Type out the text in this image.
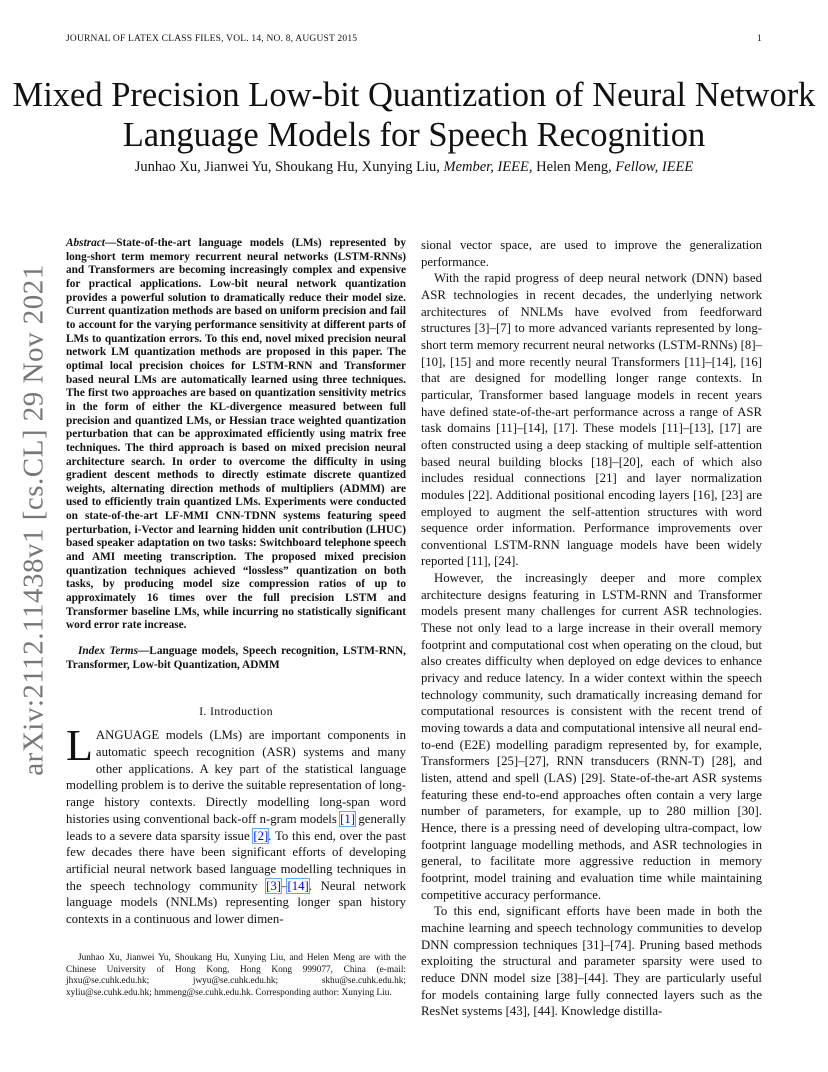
JOURNAL OF LATEX CLASS FILES, VOL. 14, NO. 8, AUGUST 2015	1
arXiv:2112.11438v1 [cs.CL] 29 Nov 2021
Mixed Precision Low-bit Quantization of Neural Network Language Models for Speech Recognition
Junhao Xu, Jianwei Yu, Shoukang Hu, Xunying Liu, Member, IEEE, Helen Meng, Fellow, IEEE

Abstract—State-of-the-art language models (LMs) represented by long-short term memory recurrent neural networks (LSTM-RNNs) and Transformers are becoming increasingly complex and expensive for practical applications. Low-bit neural network quantization provides a powerful solution to dramatically reduce their model size. Current quantization methods are based on uniform precision and fail to account for the varying performance sensitivity at different parts of LMs to quantization errors. To this end, novel mixed precision neural network LM quantization methods are proposed in this paper. The optimal local precision choices for LSTM-RNN and Transformer based neural LMs are automatically learned using three techniques. The first two approaches are based on quantization sensitivity metrics in the form of either the KL-divergence measured between full precision and quantized LMs, or Hessian trace weighted quantization perturbation that can be approximated efficiently using matrix free techniques. The third approach is based on mixed precision neural architecture search. In order to overcome the difficulty in using gradient descent methods to directly estimate discrete quantized weights, alternating direction methods of multipliers (ADMM) are used to efficiently train quantized LMs. Experiments were conducted on state-of-the-art LF-MMI CNN-TDNN systems featuring speed perturbation, i-Vector and learning hidden unit contribution (LHUC) based speaker adaptation on two tasks: Switchboard telephone speech and AMI meeting transcription. The proposed mixed precision quantization techniques achieved “lossless” quantization on both tasks, by producing model size compression ratios of up to approximately 16 times over the full precision LSTM and Transformer baseline LMs, while incurring no statistically significant word error rate increase.

Index Terms—Language models, Speech recognition, LSTM-RNN, Transformer, Low-bit Quantization, ADMM

I. Introduction

LANGUAGE models (LMs) are important components in automatic speech recognition (ASR) systems and many other applications. A key part of the statistical language modelling problem is to derive the suitable representation of long-range history contexts. Directly modelling long-span word histories using conventional back-off n-gram models [1] generally leads to a severe data sparsity issue [2]. To this end, over the past few decades there have been significant efforts of developing artificial neural network based language modelling techniques in the speech technology community [3]–[14]. Neural network language models (NNLMs) representing longer span history contexts in a continuous and lower dimen-

sional vector space, are used to improve the generalization performance.

With the rapid progress of deep neural network (DNN) based ASR technologies in recent decades, the underlying network architectures of NNLMs have evolved from feedforward structures [3]–[7] to more advanced variants represented by long-short term memory recurrent neural networks (LSTM-RNNs) [8]–[10], [15] and more recently neural Transformers [11]–[14], [16] that are designed for modelling longer range contexts. In particular, Transformer based language models in recent years have defined state-of-the-art performance across a range of ASR task domains [11]–[14], [17]. These models [11]–[13], [17] are often constructed using a deep stacking of multiple self-attention based neural building blocks [18]–[20], each of which also includes residual connections [21] and layer normalization modules [22]. Additional positional encoding layers [16], [23] are employed to augment the self-attention structures with word sequence order information. Performance improvements over conventional LSTM-RNN language models have been widely reported [11], [24].

However, the increasingly deeper and more complex architecture designs featuring in LSTM-RNN and Transformer models present many challenges for current ASR technologies. These not only lead to a large increase in their overall memory footprint and computational cost when operating on the cloud, but also creates difficulty when deployed on edge devices to enhance privacy and reduce latency. In a wider context within the speech technology community, such dramatically increasing demand for computational resources is consistent with the recent trend of moving towards a data and computational intensive all neural end-to-end (E2E) modelling paradigm represented by, for example, Transformers [25]–[27], RNN transducers (RNN-T) [28], and listen, attend and spell (LAS) [29]. State-of-the-art ASR systems featuring these end-to-end approaches often contain a very large number of parameters, for example, up to 280 million [30]. Hence, there is a pressing need of developing ultra-compact, low footprint language modelling methods, and ASR technologies in general, to facilitate more aggressive reduction in memory footprint, model training and evaluation time while maintaining competitive accuracy performance.

To this end, significant efforts have been made in both the machine learning and speech technology communities to develop DNN compression techniques [31]–[74]. Pruning based methods exploiting the structural and parameter sparsity were used to reduce DNN model size [38]–[44]. They are particularly useful for models containing large fully connected layers such as the ResNet systems [43], [44]. Knowledge distilla-

Junhao Xu, Jianwei Yu, Shoukang Hu, Xunying Liu, and Helen Meng are with the Chinese University of Hong Kong, Hong Kong 999077, China (e-mail: jhxu@se.cuhk.edu.hk; jwyu@se.cuhk.edu.hk; skhu@se.cuhk.edu.hk; xyliu@se.cuhk.edu.hk; hmmeng@se.cuhk.edu.hk. Corresponding author: Xunying Liu.
